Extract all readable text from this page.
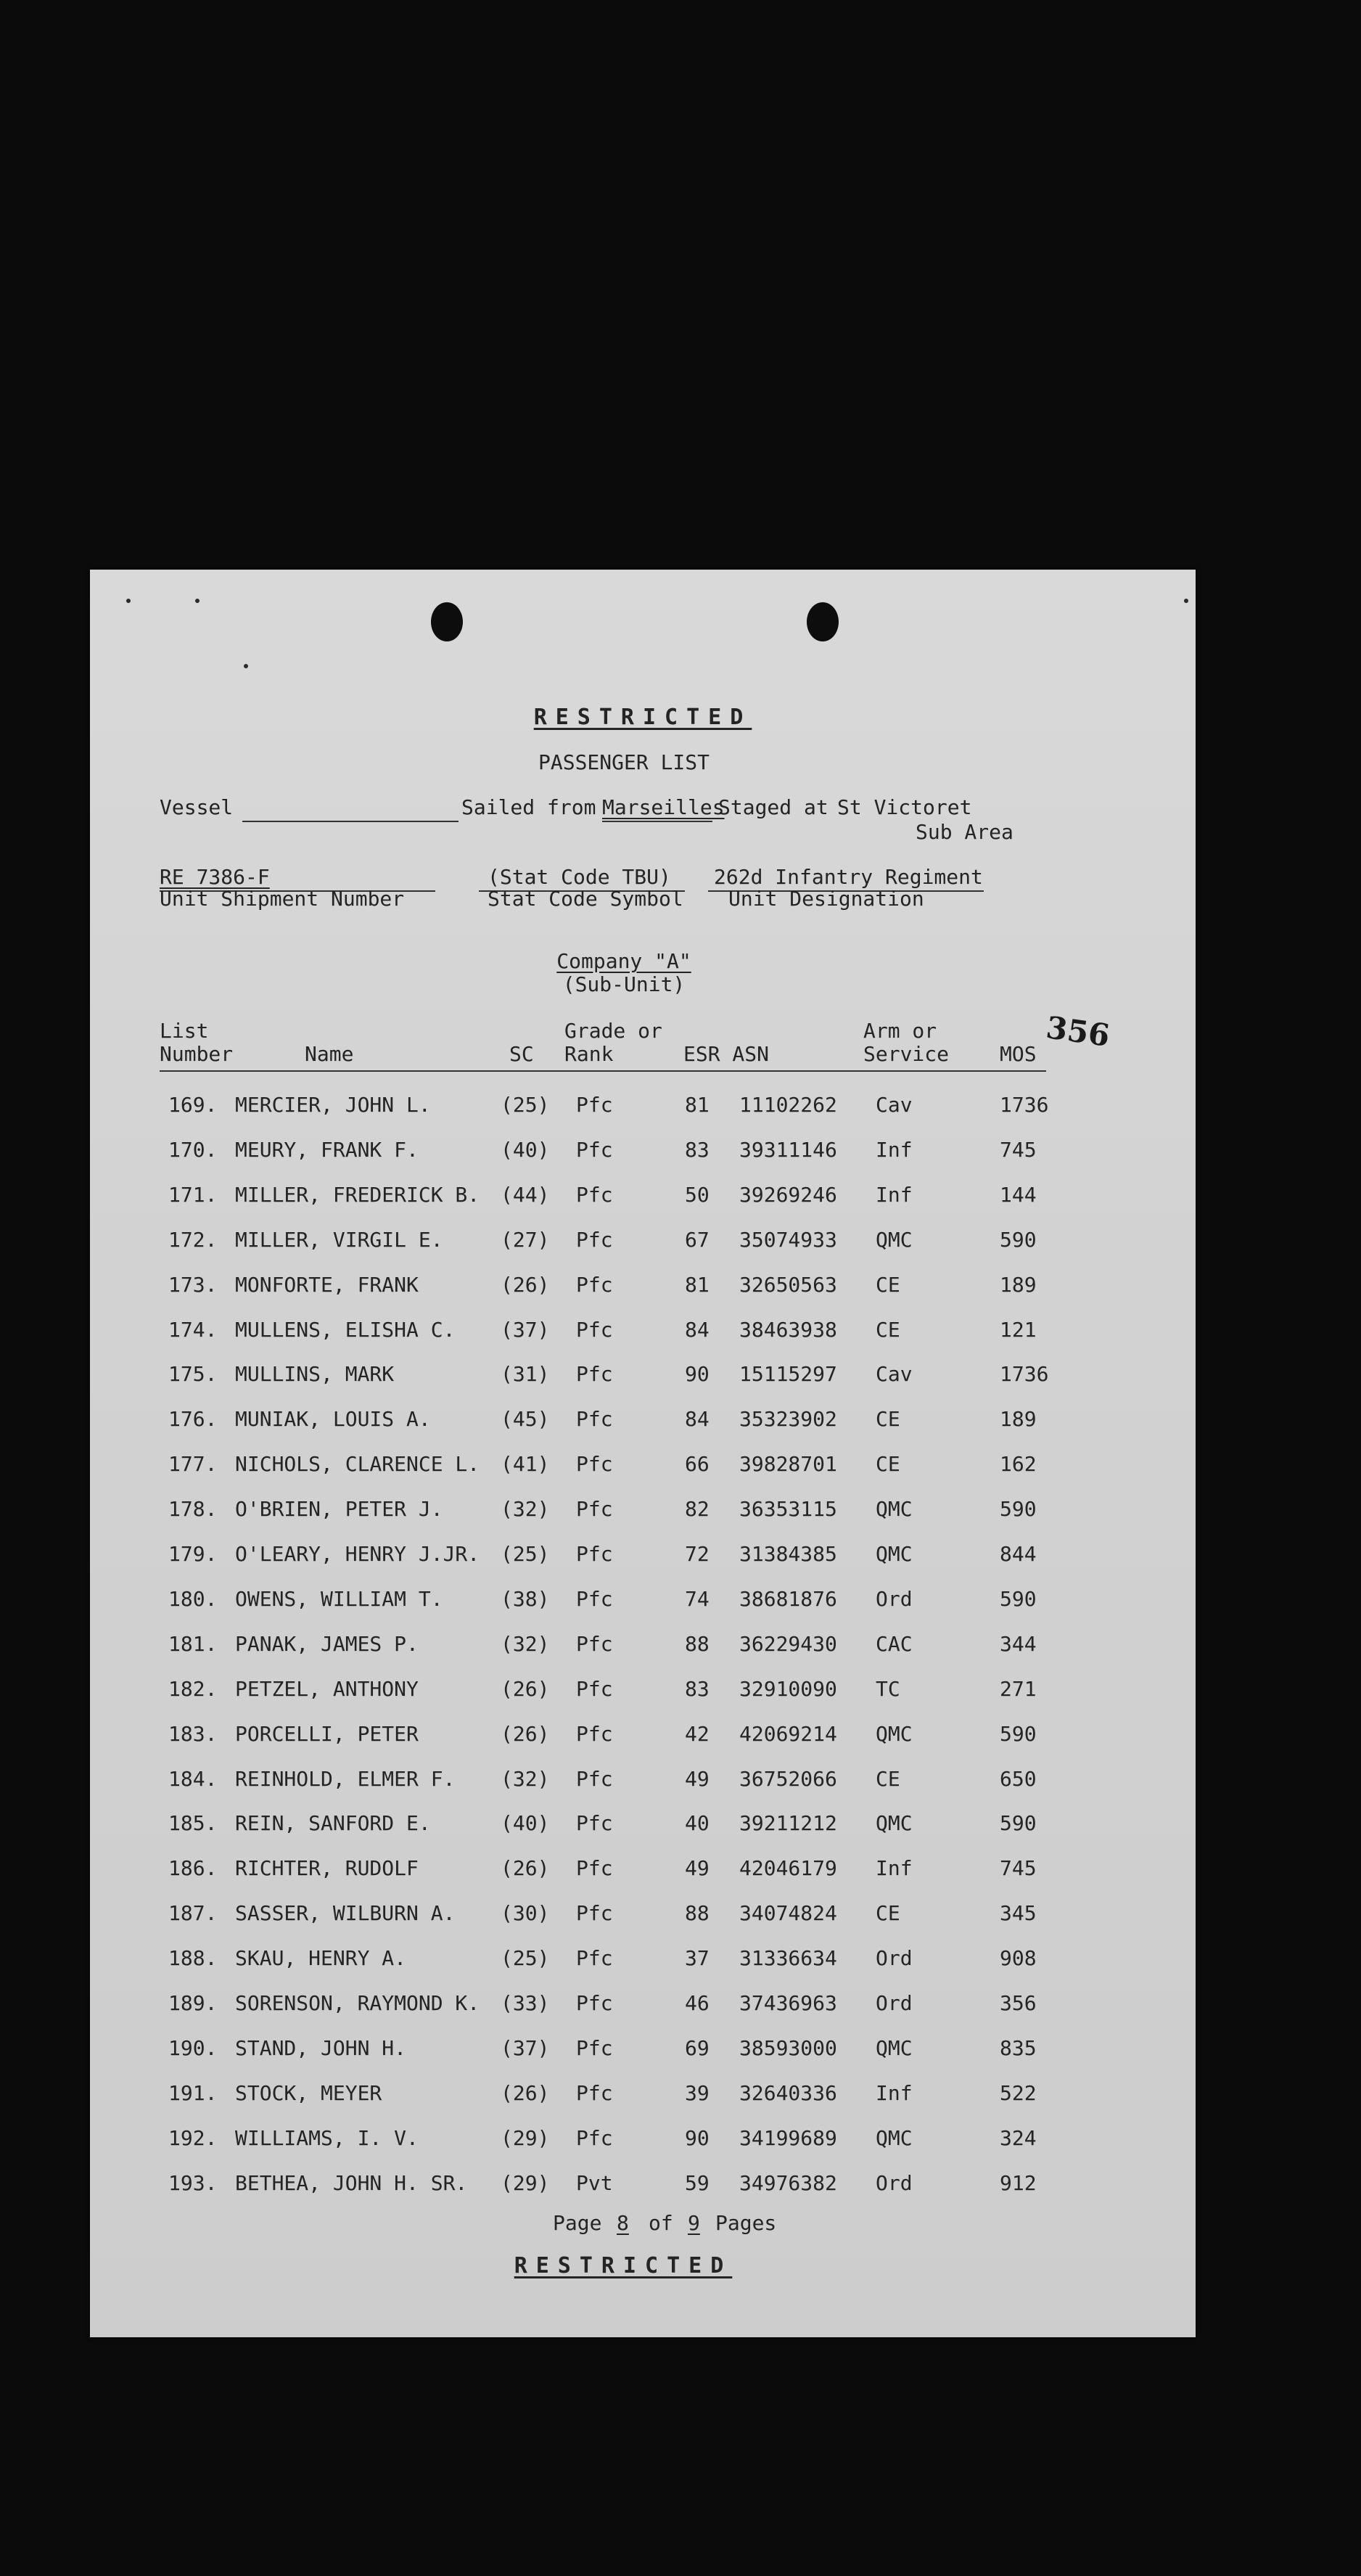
RESTRICTED
PASSENGER LIST
Vessel	Sailed from Marseilles
Staged at St Victoret
Sub Area
RE 7386-F
Unit Shipment Number
(Stat Code TBU)
Stat Code Symbol
262d Infantry Regiment
Unit Designation
Company "A"
(Sub-Unit)
356
List
Number	Name	SC
Grade or
Rank	ESR ASN
Arm or
Service MOS
169. MERCIER, JOHN L.	(25) Pfc	81 11102262 Cav	1736
170. MEURY, FRANK F.	(40) Pfc	83 39311146 Inf	745
171. MILLER, FREDERICK B. (44) Pfc	50 39269246 Inf	144
172. MILLER, VIRGIL E.	(27) Pfc	67 35074933 QMC	590
173. MONFORTE, FRANK	(26) Pfc	81 32650563 CE	189
174. MULLENS, ELISHA C. (37) Pfc	84 38463938 CE	121
175. MULLINS, MARK	(31) Pfc	90 15115297 Cav	1736
176. MUNIAK, LOUIS A.	(45) Pfc	84 35323902 CE	189
177. NICHOLS, CLARENCE L. (41) Pfc	66 39828701 CE	162
178. O'BRIEN, PETER J.	(32) Pfc	82 36353115 QMC	590
179. O'LEARY, HENRY J.JR. (25) Pfc	72 31384385 QMC	844
180. OWENS, WILLIAM T.	(38) Pfc	74 38681876 Ord	590
181. PANAK, JAMES P.	(32) Pfc	88 36229430 CAC	344
182. PETZEL, ANTHONY	(26) Pfc	83 32910090 TC	271
183. PORCELLI, PETER	(26) Pfc	42 42069214 QMC	590
184. REINHOLD, ELMER F. (32) Pfc	49 36752066 CE	650
185. REIN, SANFORD E.	(40) Pfc	40 39211212 QMC	590
186. RICHTER, RUDOLF	(26) Pfc	49 42046179 Inf	745
187. SASSER, WILBURN A. (30) Pfc	88 34074824 CE	345
188. SKAU, HENRY A.	(25) Pfc	37 31336634 Ord	908
189. SORENSON, RAYMOND K. (33) Pfc	46 37436963 Ord	356
190. STAND, JOHN H.	(37) Pfc	69 38593000 QMC	835
191. STOCK, MEYER	(26) Pfc	39 32640336 Inf	522
192. WILLIAMS, I. V.	(29) Pfc	90 34199689 QMC	324
193. BETHEA, JOHN H. SR. (29) Pvt	59 34976382 Ord	912
Page 8 of 9 Pages
RESTRICTED
